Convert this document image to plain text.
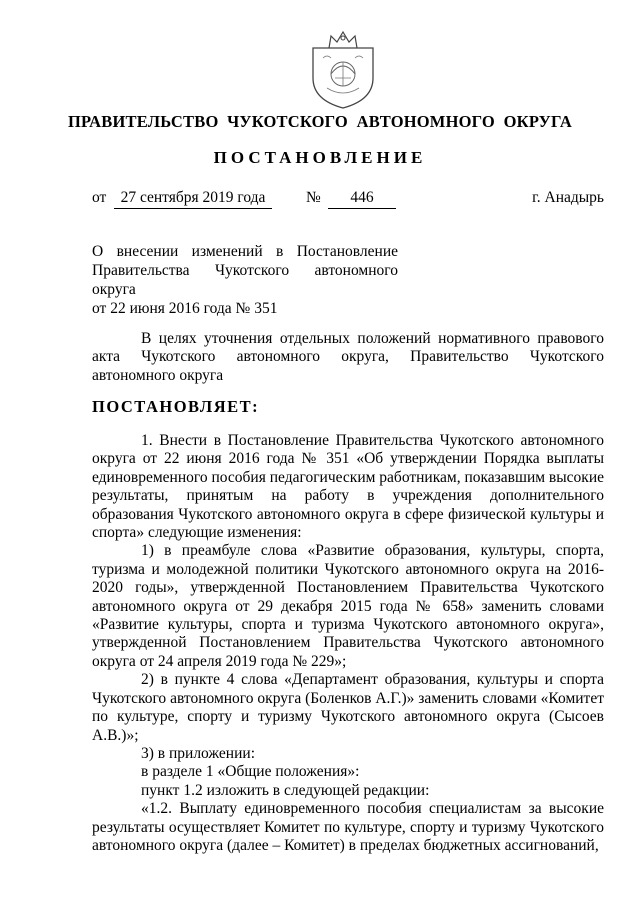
ПРАВИТЕЛЬСТВО  ЧУКОТСКОГО  АВТОНОМНОГО  ОКРУГА
ПОСТАНОВЛЕНИЕ
от 27 сентября 2019 года	№	446	г. Анадырь
О внесении изменений в Постановление
Правительства Чукотского автономного округа
от 22 июня 2016 года № 351

В целях уточнения отдельных положений нормативного правового акта Чукотского автономного округа, Правительство Чукотского автономного округа

ПОСТАНОВЛЯЕТ:

1. Внести в Постановление Правительства Чукотского автономного округа от 22 июня 2016 года № 351 «Об утверждении Порядка выплаты единовременного пособия педагогическим работникам, показавшим высокие результаты, принятым на работу в учреждения дополнительного образования Чукотского автономного округа в сфере физической культуры и спорта» следующие изменения:

1) в преамбуле слова «Развитие образования, культуры, спорта, туризма и молодежной политики Чукотского автономного округа на 2016-2020 годы», утвержденной Постановлением Правительства Чукотского автономного округа от 29 декабря 2015 года № 658» заменить словами «Развитие культуры, спорта и туризма Чукотского автономного округа», утвержденной Постановлением Правительства Чукотского автономного округа от 24 апреля 2019 года № 229»;

2) в пункте 4 слова «Департамент образования, культуры и спорта Чукотского автономного округа (Боленков А.Г.)» заменить словами «Комитет по культуре, спорту и туризму Чукотского автономного округа (Сысоев А.В.)»;

3) в приложении:

в разделе 1 «Общие положения»:

пункт 1.2 изложить в следующей редакции:

«1.2. Выплату единовременного пособия специалистам за высокие результаты осуществляет Комитет по культуре, спорту и туризму Чукотского автономного округа (далее – Комитет) в пределах бюджетных ассигнований,
